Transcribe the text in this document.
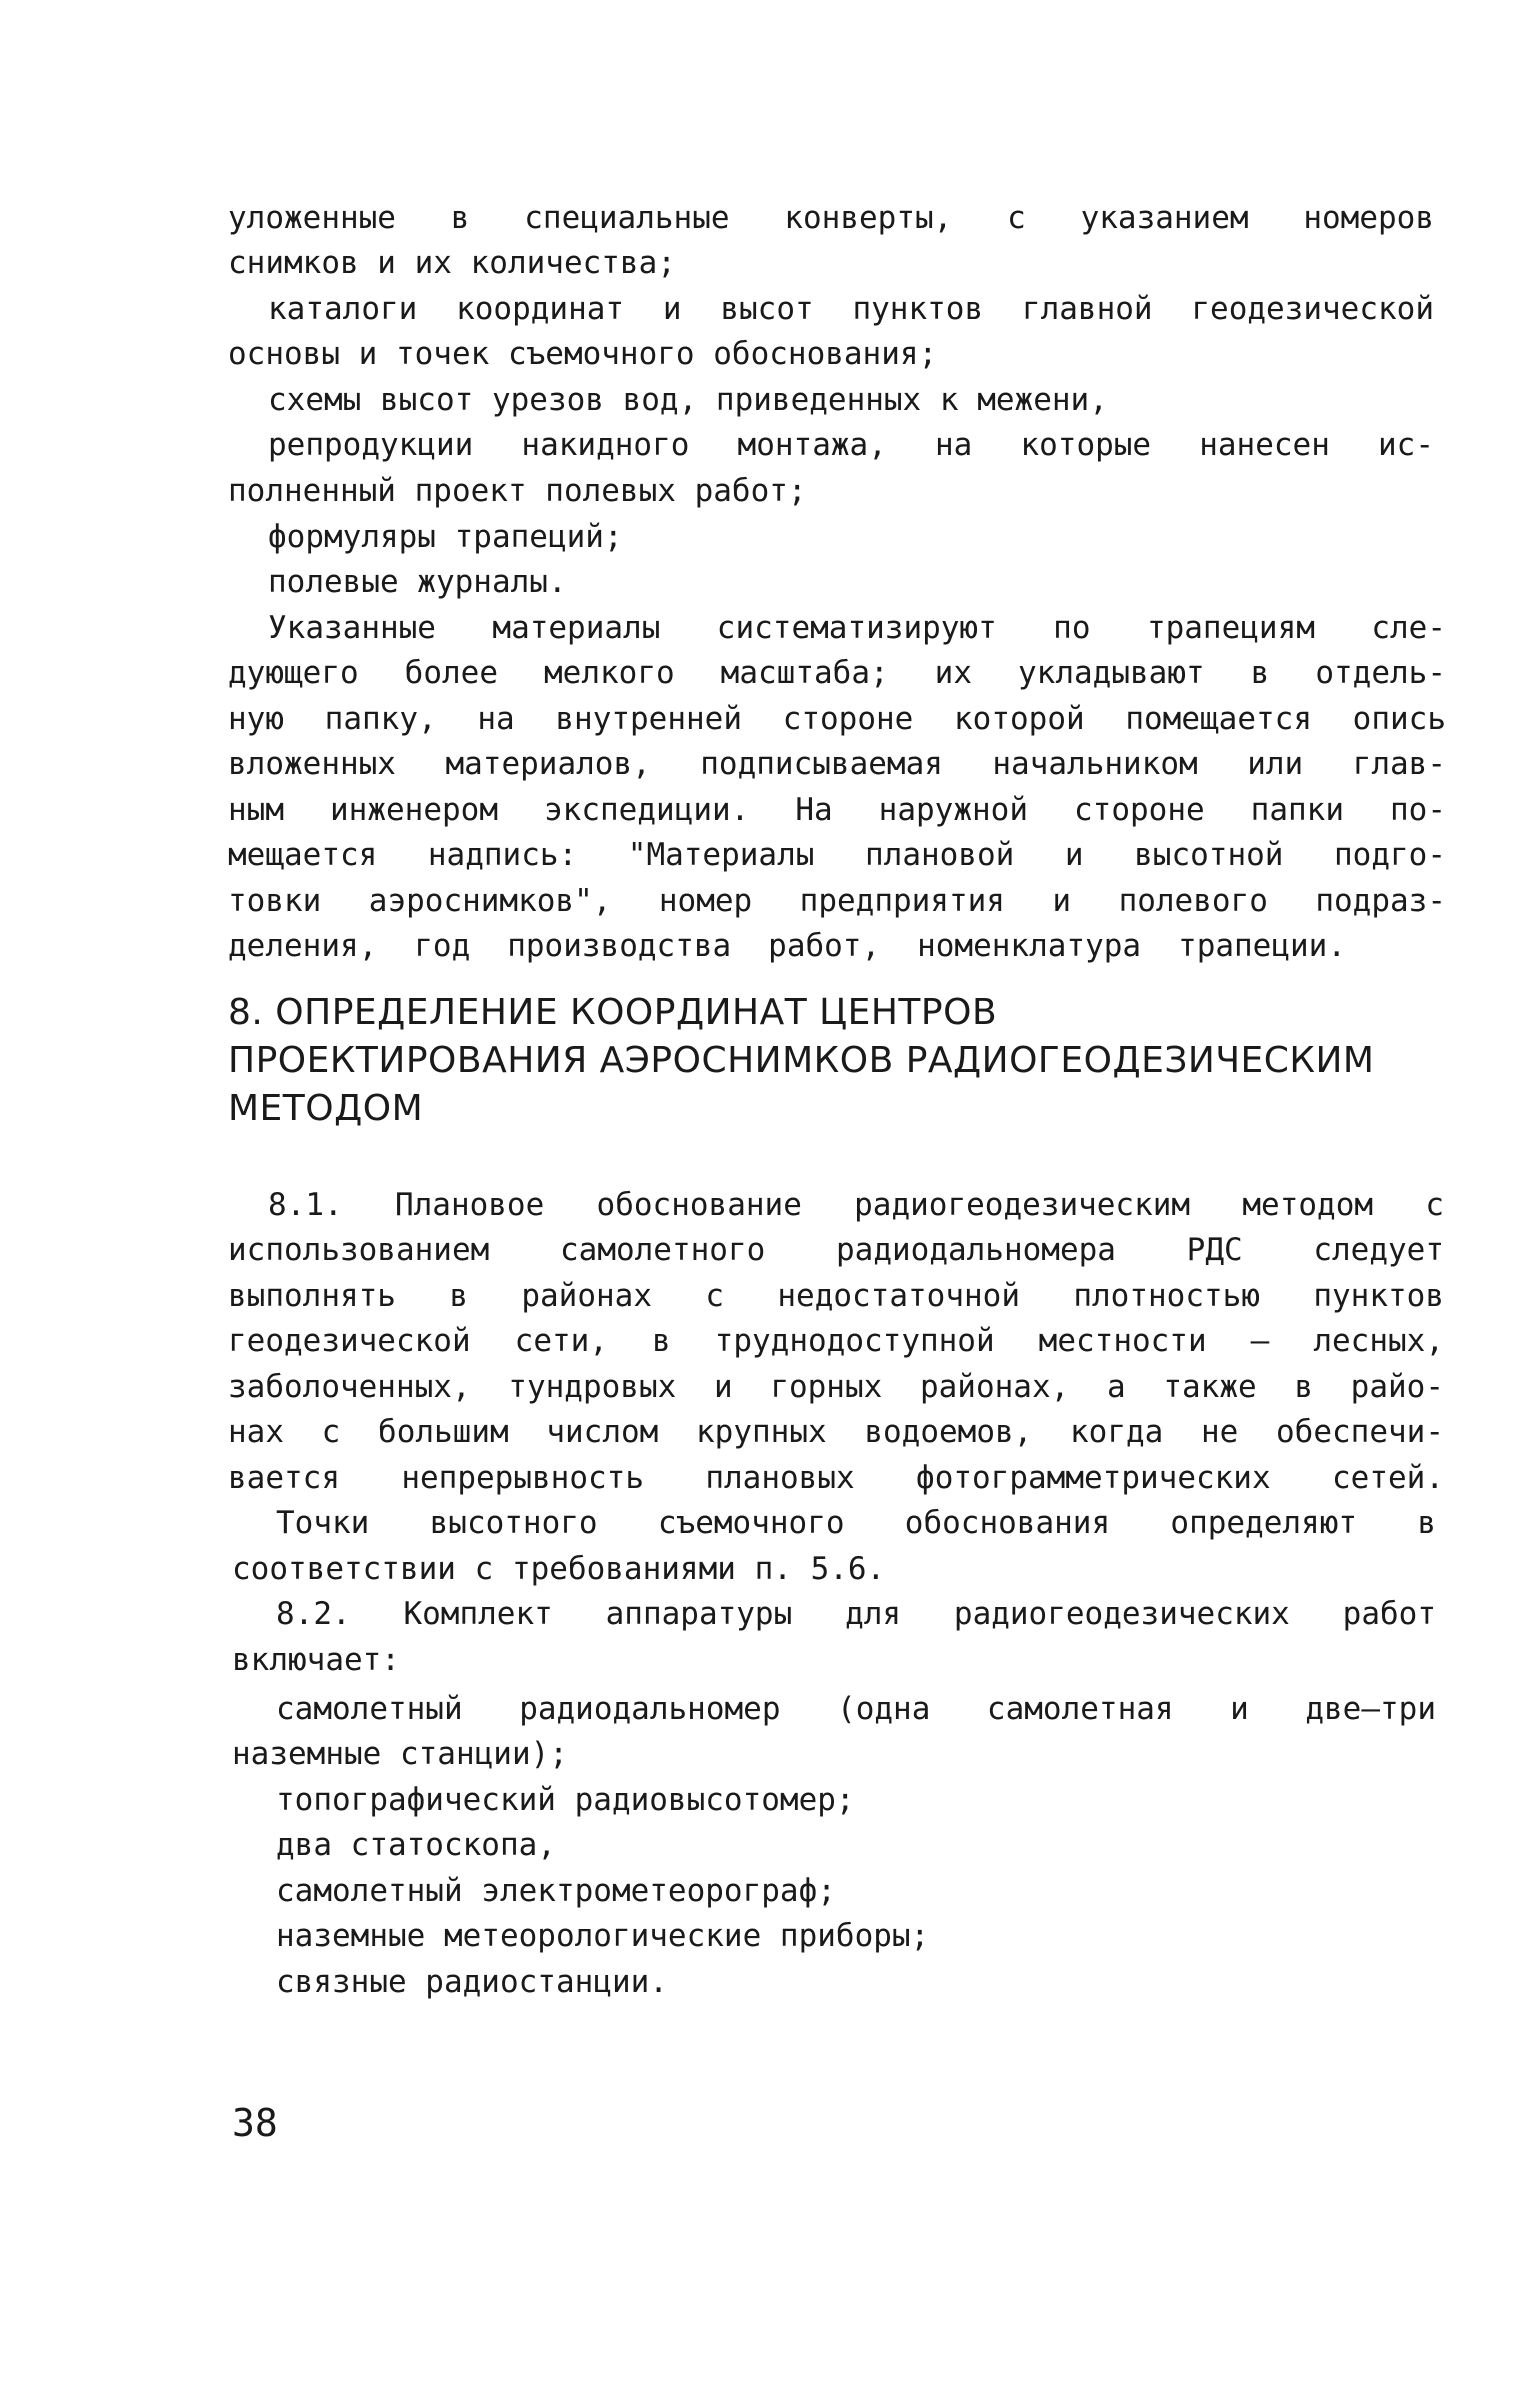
уложенные в специальные конверты, с указанием номеров
снимков и их количества;
каталоги координат и высот пунктов главной геодезической
основы и точек съемочного обоснования;
схемы высот урезов вод, приведенных к межени,
репродукции накидного монтажа, на которые нанесен ис-
полненный проект полевых работ;
формуляры трапеций;
полевые журналы.
Указанные материалы систематизируют по трапециям сле-
дующего более мелкого масштаба; их укладывают в отдель-
ную папку, на внутренней стороне которой помещается опись
вложенных материалов, подписываемая начальником или глав-
ным инженером экспедиции. На наружной стороне папки по-
мещается надпись: "Материалы плановой и высотной подго-
товки аэроснимков", номер предприятия и полевого подраз-
деления, год производства работ, номенклатура трапеции.
8. ОПРЕДЕЛЕНИЕ КООРДИНАТ ЦЕНТРОВ
ПРОЕКТИРОВАНИЯ АЭРОСНИМКОВ РАДИОГЕОДЕЗИЧЕСКИМ
МЕТОДОМ
8.1. Плановое обоснование радиогеодезическим методом с
использованием самолетного радиодальномера РДС следует
выполнять в районах с недостаточной плотностью пунктов
геодезической сети, в труднодоступной местности – лесных,
заболоченных, тундровых и горных районах, а также в райо-
нах с большим числом крупных водоемов, когда не обеспечи-
вается непрерывность плановых фотограмметрических сетей.
Точки высотного съемочного обоснования определяют в
соответствии с требованиями п. 5.6.
8.2. Комплект аппаратуры для радиогеодезических работ
включает:
самолетный радиодальномер (одна самолетная и две–три
наземные станции);
топографический радиовысотомер;
два статоскопа,
самолетный электрометеорограф;
наземные метеорологические приборы;
связные радиостанции.
38
